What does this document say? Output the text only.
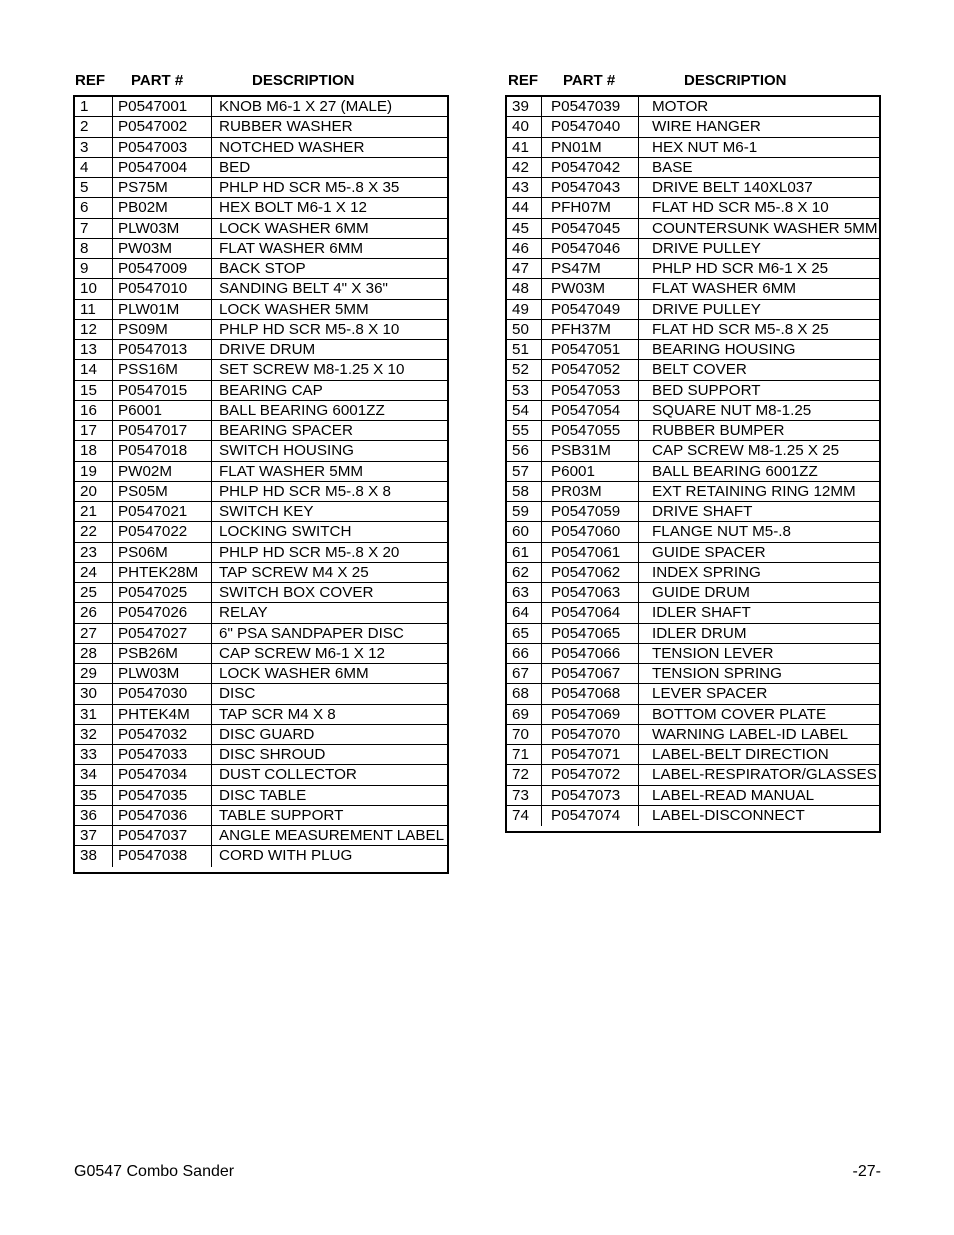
REF PART #	DESCRIPTION	REF PART #	DESCRIPTION
1	P0547001	KNOB M6-1 X 27 (MALE)
2	P0547002	RUBBER WASHER
3	P0547003	NOTCHED WASHER
4	P0547004	BED
5	PS75M	PHLP HD SCR M5-.8 X 35
6	PB02M	HEX BOLT M6-1 X 12
7	PLW03M	LOCK WASHER 6MM
8	PW03M	FLAT WASHER 6MM
9	P0547009	BACK STOP
10	P0547010	SANDING BELT 4" X 36"
11	PLW01M	LOCK WASHER 5MM
12	PS09M	PHLP HD SCR M5-.8 X 10
13	P0547013	DRIVE DRUM
14	PSS16M	SET SCREW M8-1.25 X 10
15	P0547015	BEARING CAP
16	P6001	BALL BEARING 6001ZZ
17	P0547017	BEARING SPACER
18	P0547018	SWITCH HOUSING
19	PW02M	FLAT WASHER 5MM
20	PS05M	PHLP HD SCR M5-.8 X 8
21	P0547021	SWITCH KEY
22	P0547022	LOCKING SWITCH
23	PS06M	PHLP HD SCR M5-.8 X 20
24	PHTEK28M	TAP SCREW M4 X 25
25	P0547025	SWITCH BOX COVER
26	P0547026	RELAY
27	P0547027	6" PSA SANDPAPER DISC
28	PSB26M	CAP SCREW M6-1 X 12
29	PLW03M	LOCK WASHER 6MM
30	P0547030	DISC
31	PHTEK4M	TAP SCR M4 X 8
32	P0547032	DISC GUARD
33	P0547033	DISC SHROUD
34	P0547034	DUST COLLECTOR
35	P0547035	DISC TABLE
36	P0547036	TABLE SUPPORT
37	P0547037	ANGLE MEASUREMENT LABEL
38	P0547038	CORD WITH PLUG
39	P0547039	MOTOR
40	P0547040	WIRE HANGER
41	PN01M	HEX NUT M6-1
42	P0547042	BASE
43	P0547043	DRIVE BELT 140XL037
44	PFH07M	FLAT HD SCR M5-.8 X 10
45	P0547045	COUNTERSUNK WASHER 5MM
46	P0547046	DRIVE PULLEY
47	PS47M	PHLP HD SCR M6-1 X 25
48	PW03M	FLAT WASHER 6MM
49	P0547049	DRIVE PULLEY
50	PFH37M	FLAT HD SCR M5-.8 X 25
51	P0547051	BEARING HOUSING
52	P0547052	BELT COVER
53	P0547053	BED SUPPORT
54	P0547054	SQUARE NUT M8-1.25
55	P0547055	RUBBER BUMPER
56	PSB31M	CAP SCREW M8-1.25 X 25
57	P6001	BALL BEARING 6001ZZ
58	PR03M	EXT RETAINING RING 12MM
59	P0547059	DRIVE SHAFT
60	P0547060	FLANGE NUT M5-.8
61	P0547061	GUIDE SPACER
62	P0547062	INDEX SPRING
63	P0547063	GUIDE DRUM
64	P0547064	IDLER SHAFT
65	P0547065	IDLER DRUM
66	P0547066	TENSION LEVER
67	P0547067	TENSION SPRING
68	P0547068	LEVER SPACER
69	P0547069	BOTTOM COVER PLATE
70	P0547070	WARNING LABEL-ID LABEL
71	P0547071	LABEL-BELT DIRECTION
72	P0547072	LABEL-RESPIRATOR/GLASSES
73	P0547073	LABEL-READ MANUAL
74	P0547074	LABEL-DISCONNECT
G0547 Combo Sander	-27-
